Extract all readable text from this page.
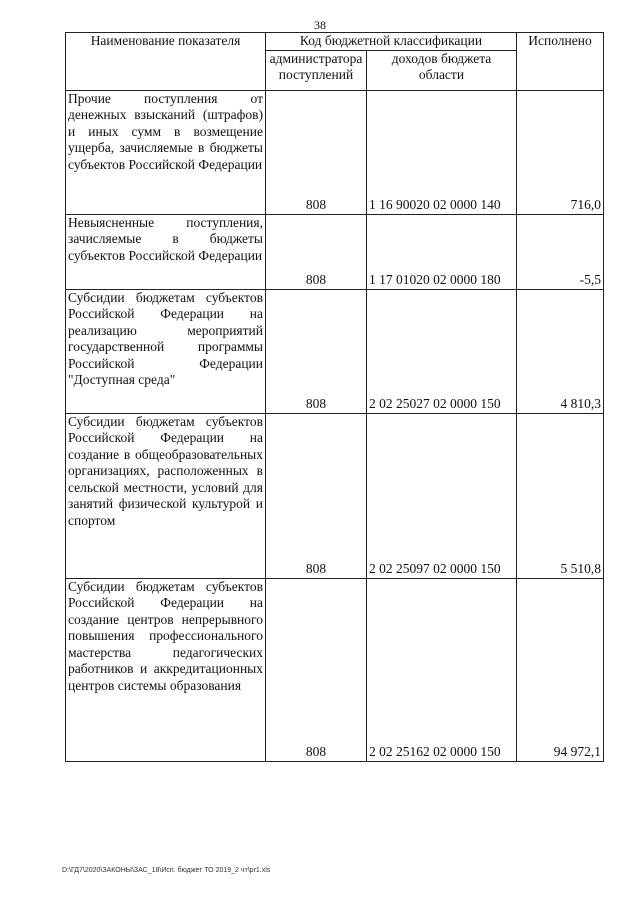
38
Наименование показателя	Код бюджетной классификации		Исполнено
	администратора поступлений	доходов бюджета области	
Прочие поступления от денежных взысканий (штрафов) и иных сумм в возмещение ущерба, зачисляемые в бюджеты субъектов Российской Федерации	808	1 16 90020 02 0000 140	716,0
Невыясненные поступления, зачисляемые в бюджеты субъектов Российской Федерации	808	1 17 01020 02 0000 180	-5,5
Субсидии бюджетам субъектов Российской Федерации на реализацию мероприятий государственной программы Российской Федерации "Доступная среда"	808	2 02 25027 02 0000 150	4 810,3
Субсидии бюджетам субъектов Российской Федерации на создание в общеобразовательных организациях, расположенных в сельской местности, условий для занятий физической культурой и спортом	808	2 02 25097 02 0000 150	5 510,8
Субсидии бюджетам субъектов Российской Федерации на создание центров непрерывного повышения профессионального мастерства педагогических работников и аккредитационных центров системы образования	808	2 02 25162 02 0000 150	94 972,1
D:\ГД7\2020\ЗАКОНЫ\ЗАС_18\Исп. бюджет ТО 2019_2 чт\pr1.xls
